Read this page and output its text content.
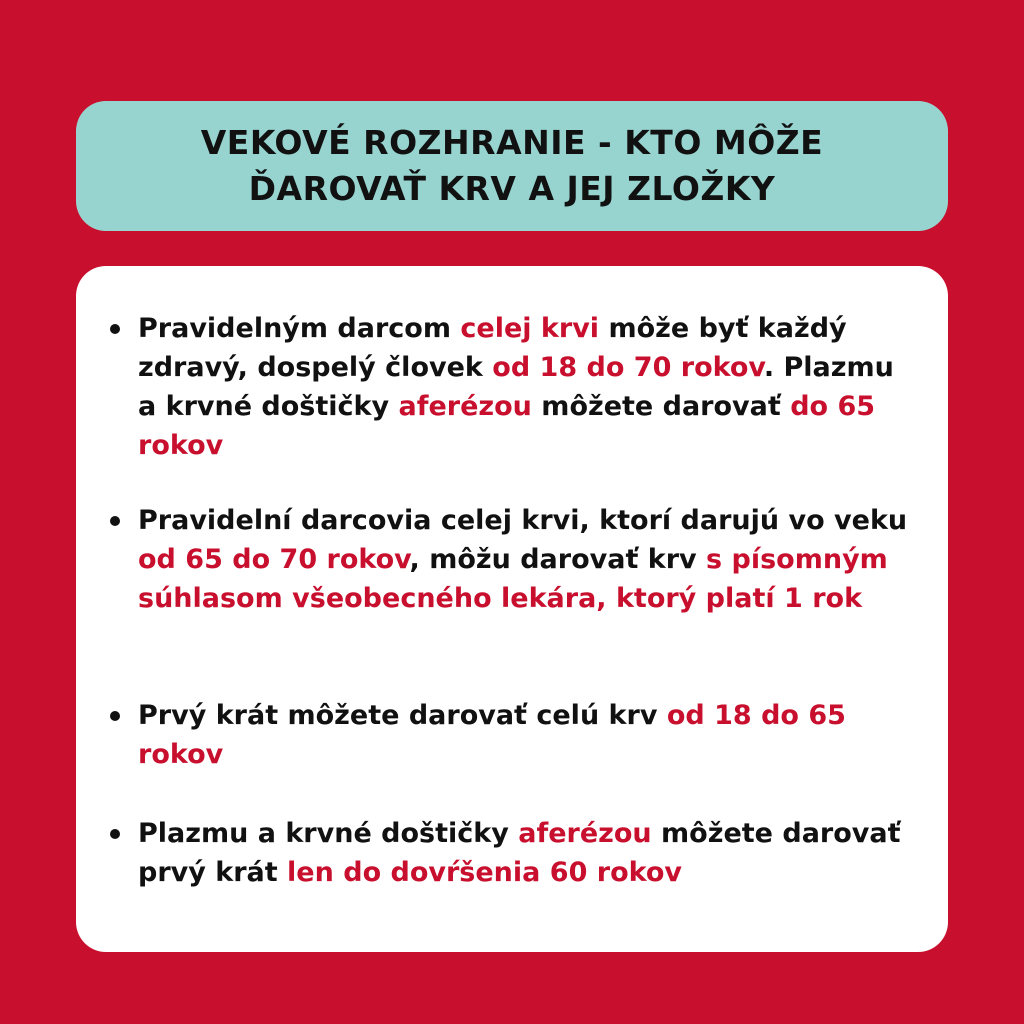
VEKOVÉ ROZHRANIE - KTO MÔŽE
ĎAROVAŤ KRV A JEJ ZLOŽKY
Pravidelným darcom celej krvi môže byť každý zdravý, dospelý človek od 18 do 70 rokov. Plazmu a krvné doštičky aferézou môžete darovať do 65 rokov
Pravidelní darcovia celej krvi, ktorí darujú vo veku od 65 do 70 rokov, môžu darovať krv s písomným súhlasom všeobecného lekára, ktorý platí 1 rok
Prvý krát môžete darovať celú krv od 18 do 65 rokov
Plazmu a krvné doštičky aferézou môžete darovať prvý krát len do dovŕšenia 60 rokov
